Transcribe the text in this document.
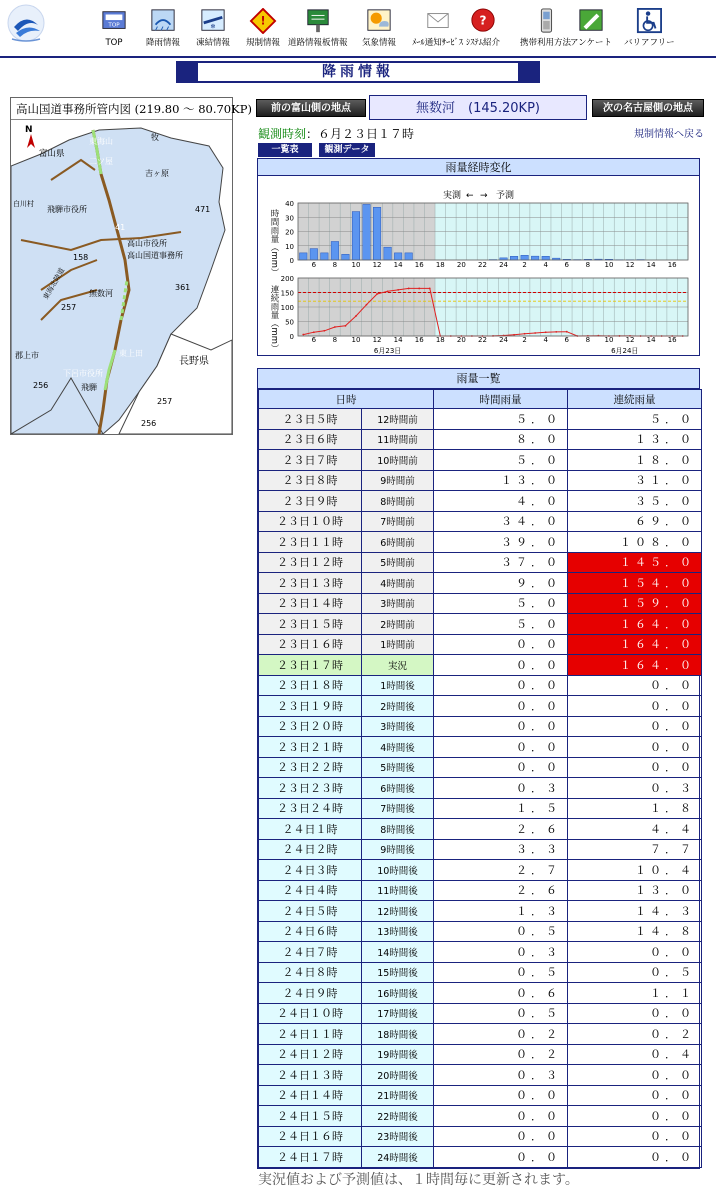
TOP
TOP	降雨情報
❄
凍結情報
!
規制情報 道路情報板情報 気象情報 ﾒｰﾙ通知ｻｰﾋﾞｽ
?
ｼｽﾃﾑ紹介 携帯利用方法
アンケート バリアフリー
降雨情報
高山国道事務所管内図 (219.80 〜 80.70KP)
N
富山県
長野県
東海山	牧
二ツ屋
吉ヶ原
飛騨市役所
41
高山市役所
高山国道事務所
158
471
361
257
無数河
東上田
下呂市役所
飛騨
256
257
256
郡上市
白川村
東海北陸道
前の富山側の地点	無数河　(145.20KP)	次の名古屋側の地点
観測時刻：６月２３日１７時	規制情報へ戻る
一覧表	観測データ
雨量経時変化
実測 ← → 予測
0
10
20
30
40
0
50
100
150
200
時間雨量（mm）
連続雨量（mm）
6
6
8
8
10
10
12
12
14
14
16
16
18
18
20
20
22
22
24
24
2
2
4
4
6
6
8
8
10
10
12
12
14
14
16
16
6月23日	6月24日
雨量一覧
日時		時間雨量	連続雨量
２３日５時	12時間前	５．０	５．０
２３日６時	11時間前	８．０	１３．０
２３日７時	10時間前	５．０	１８．０
２３日８時	9時間前	１３．０	３１．０
２３日９時	8時間前	４．０	３５．０
２３日１０時	7時間前	３４．０	６９．０
２３日１１時	6時間前	３９．０	１０８．０
２３日１２時	5時間前	３７．０	１４５．０
２３日１３時	4時間前	９．０	１５４．０
２３日１４時	3時間前	５．０	１５９．０
２３日１５時	2時間前	５．０	１６４．０
２３日１６時	1時間前	０．０	１６４．０
２３日１７時	実況	０．０	１６４．０
２３日１８時	1時間後	０．０	０．０
２３日１９時	2時間後	０．０	０．０
２３日２０時	3時間後	０．０	０．０
２３日２１時	4時間後	０．０	０．０
２３日２２時	5時間後	０．０	０．０
２３日２３時	6時間後	０．３	０．３
２３日２４時	7時間後	１．５	１．８
２４日１時	8時間後	２．６	４．４
２４日２時	9時間後	３．３	７．７
２４日３時	10時間後	２．７	１０．４
２４日４時	11時間後	２．６	１３．０
２４日５時	12時間後	１．３	１４．３
２４日６時	13時間後	０．５	１４．８
２４日７時	14時間後	０．３	０．０
２４日８時	15時間後	０．５	０．５
２４日９時	16時間後	０．６	１．１
２４日１０時	17時間後	０．５	０．０
２４日１１時	18時間後	０．２	０．２
２４日１２時	19時間後	０．２	０．４
２４日１３時	20時間後	０．３	０．０
２４日１４時	21時間後	０．０	０．０
２４日１５時	22時間後	０．０	０．０
２４日１６時	23時間後	０．０	０．０
２４日１７時	24時間後	０．０	０．０
実況値および予測値は、１時間毎に更新されます。
